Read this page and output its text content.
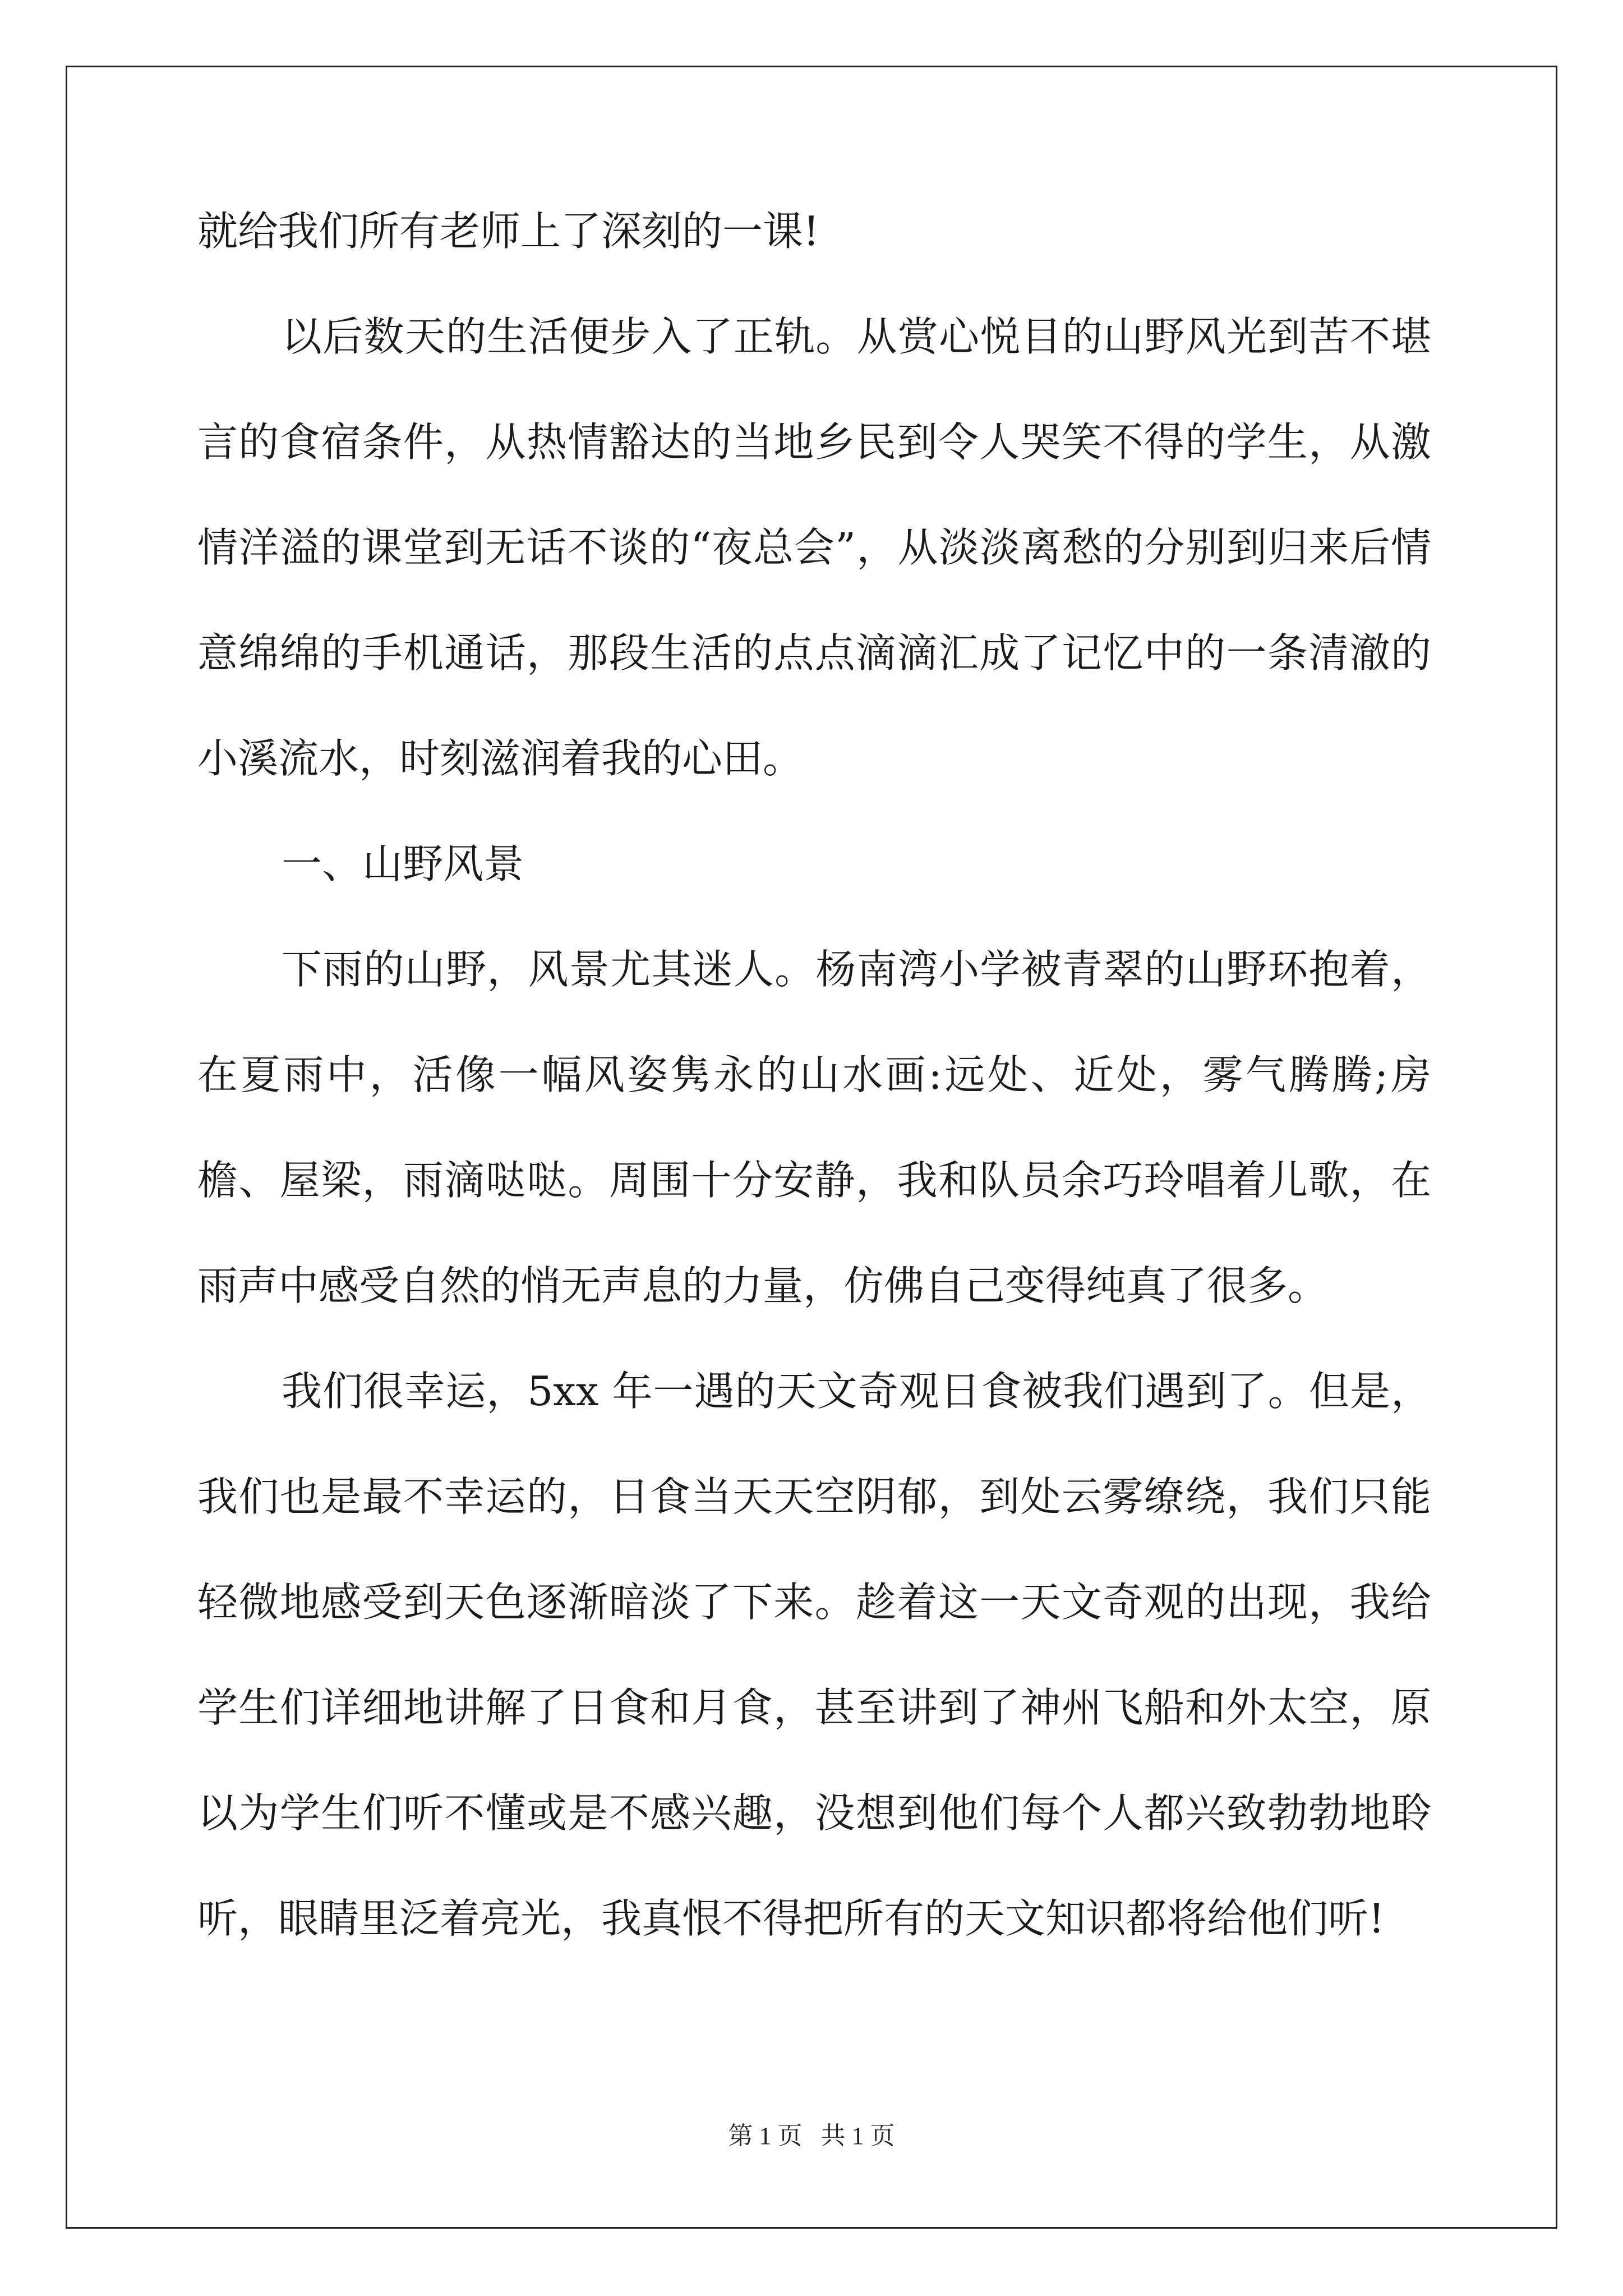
就给我们所有老师上了深刻的一课!

以后数天的生活便步入了正轨。从赏心悦目的山野风光到苦不堪言的食宿条件，从热情豁达的当地乡民到令人哭笑不得的学生，从激情洋溢的课堂到无话不谈的“夜总会”，从淡淡离愁的分别到归来后情意绵绵的手机通话，那段生活的点点滴滴汇成了记忆中的一条清澈的小溪流水，时刻滋润着我的心田。

一、山野风景

下雨的山野，风景尤其迷人。杨南湾小学被青翠的山野环抱着，在夏雨中，活像一幅风姿隽永的山水画:远处、近处，雾气腾腾;房檐、屋梁，雨滴哒哒。周围十分安静，我和队员余巧玲唱着儿歌，在雨声中感受自然的悄无声息的力量，仿佛自己变得纯真了很多。

我们很幸运，5xx 年一遇的天文奇观日食被我们遇到了。但是，我们也是最不幸运的，日食当天天空阴郁，到处云雾缭绕，我们只能轻微地感受到天色逐渐暗淡了下来。趁着这一天文奇观的出现，我给学生们详细地讲解了日食和月食，甚至讲到了神州飞船和外太空，原以为学生们听不懂或是不感兴趣，没想到他们每个人都兴致勃勃地聆听，眼睛里泛着亮光，我真恨不得把所有的天文知识都将给他们听!

第 1 页 共 1 页
